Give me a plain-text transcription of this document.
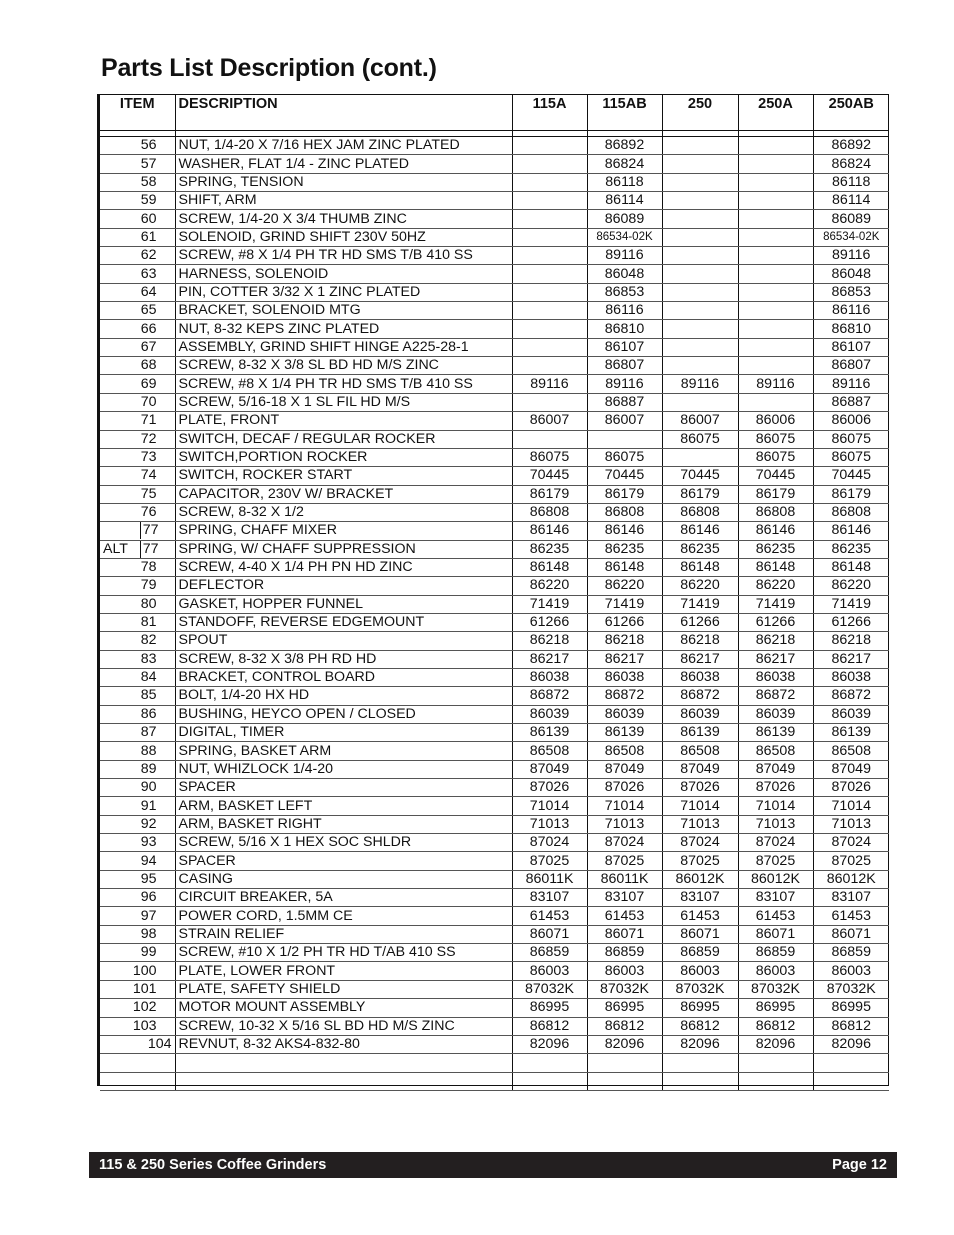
Parts List Description (cont.)
ITEM	DESCRIPTION	115A	115AB	250	250A	250AB

56	NUT, 1/4-20 X 7/16 HEX JAM ZINC PLATED		86892			86892
57	WASHER, FLAT 1/4 - ZINC PLATED		86824			86824
58	SPRING, TENSION		86118			86118
59	SHIFT, ARM		86114			86114
60	SCREW, 1/4-20 X 3/4 THUMB ZINC		86089			86089
61	SOLENOID, GRIND SHIFT 230V 50HZ		86534-02K			86534-02K
62	SCREW, #8 X 1/4 PH TR HD SMS T/B 410 SS		89116			89116
63	HARNESS, SOLENOID		86048			86048
64	PIN, COTTER 3/32 X 1 ZINC PLATED		86853			86853
65	BRACKET, SOLENOID MTG		86116			86116
66	NUT, 8-32 KEPS ZINC PLATED		86810			86810
67	ASSEMBLY, GRIND SHIFT HINGE A225-28-1		86107			86107
68	SCREW, 8-32 X 3/8 SL BD HD M/S ZINC		86807			86807
69	SCREW, #8 X 1/4 PH TR HD SMS T/B 410 SS	89116	89116	89116	89116	89116
70	SCREW, 5/16-18 X 1 SL FIL HD M/S		86887			86887
71	PLATE, FRONT	86007	86007	86007	86006	86006
72	SWITCH, DECAF / REGULAR ROCKER			86075	86075	86075
73	SWITCH,PORTION ROCKER	86075	86075		86075	86075
74	SWITCH, ROCKER START	70445	70445	70445	70445	70445
75	CAPACITOR, 230V W/ BRACKET	86179	86179	86179	86179	86179
76	SCREW, 8-32 X 1/2	86808	86808	86808	86808	86808
77	SPRING, CHAFF MIXER	86146	86146	86146	86146	86146

ALT 77	SPRING, W/ CHAFF SUPPRESSION	86235	86235	86235	86235	86235
78	SCREW, 4-40 X 1/4 PH PN HD ZINC	86148	86148	86148	86148	86148
79	DEFLECTOR	86220	86220	86220	86220	86220
80	GASKET, HOPPER FUNNEL	71419	71419	71419	71419	71419
81	STANDOFF, REVERSE EDGEMOUNT	61266	61266	61266	61266	61266
82	SPOUT	86218	86218	86218	86218	86218
83	SCREW, 8-32 X 3/8 PH RD HD	86217	86217	86217	86217	86217
84	BRACKET, CONTROL BOARD	86038	86038	86038	86038	86038
85	BOLT, 1/4-20 HX HD	86872	86872	86872	86872	86872
86	BUSHING, HEYCO OPEN / CLOSED	86039	86039	86039	86039	86039
87	DIGITAL, TIMER	86139	86139	86139	86139	86139
88	SPRING, BASKET ARM	86508	86508	86508	86508	86508
89	NUT, WHIZLOCK 1/4-20	87049	87049	87049	87049	87049
90	SPACER	87026	87026	87026	87026	87026
91	ARM, BASKET LEFT	71014	71014	71014	71014	71014
92	ARM, BASKET RIGHT	71013	71013	71013	71013	71013
93	SCREW, 5/16 X 1 HEX SOC SHLDR	87024	87024	87024	87024	87024
94	SPACER	87025	87025	87025	87025	87025
95	CASING	86011K	86011K	86012K	86012K	86012K
96	CIRCUIT BREAKER, 5A	83107	83107	83107	83107	83107
97	POWER CORD, 1.5MM CE	61453	61453	61453	61453	61453
98	STRAIN RELIEF	86071	86071	86071	86071	86071
99	SCREW, #10 X 1/2 PH TR HD T/AB 410 SS	86859	86859	86859	86859	86859
100	PLATE, LOWER FRONT	86003	86003	86003	86003	86003
101	PLATE, SAFETY SHIELD	87032K	87032K	87032K	87032K	87032K
102	MOTOR MOUNT ASSEMBLY	86995	86995	86995	86995	86995
103	SCREW, 10-32 X 5/16 SL BD HD M/S ZINC	86812	86812	86812	86812	86812
104	REVNUT, 8-32 AKS4-832-80	82096	82096	82096	82096	82096

115 & 250 Series Coffee Grinders	Page 12
